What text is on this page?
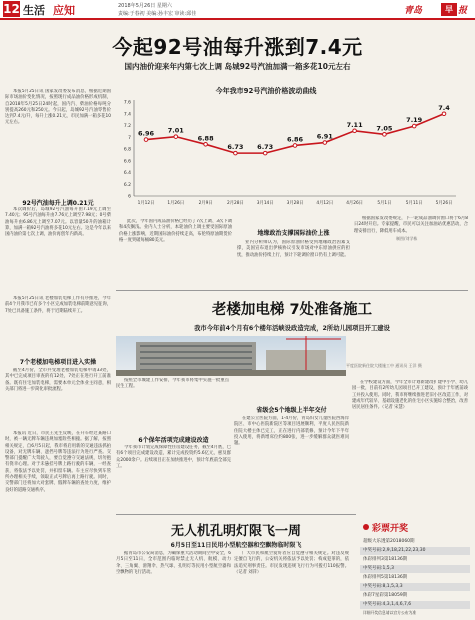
12 生活 应知	2018年5月26日 星期六
责编:于春初 美编:孙丰宏 审读:邱佳	青岛	早 报
今起92号油每升涨到7.4元
国内油价迎来年内第七次上调 岛城92号汽油加满一箱多花10元左右

本报5月25日讯 国家发改委发布消息，根据近期国际市场油价变化情况，按照现行成品油价格形成机制，自2018年5月25日24时起，国内汽、柴油价格每吨分别提高260元和250元。今日起，岛城92号汽油零售价达到7.4元/升，每升上涨0.21元，市民加满一箱多花10元左右。

92号汽油每升上调0.21元

本次调价后，岛城92号汽油每升由7.19元上调至7.40元；95号汽油每升由7.76元上调至7.98元；0号柴油每升由6.86元上调至7.07元。以容量50升的油箱计算，加满一箱92号汽油将多花10元左右。这是今年以来国内油价第七次上调，油价再创年内新高。

今年我市92号汽油价格波动曲线
7.6
7.4
7.2
7
6.8
6.6
6.4
6.2
6
6.96
1月12日
7.01
1月26日
6.88
2月9日
6.73
2月28日
6.73
3月14日
6.86
3月28日
6.91
4月12日
7.11
4月26日
7.05
5月1日
7.19
5月11日
7.4
5月26日
制图/刘学栋

此次，今年国内成品油价格已经历了7次上调、3次下调和4次搁浅。业内人士分析，本轮油价上调主要受国际原油价格上涨影响，近期国际油价持续走高，布伦特原油期货价格一度突破每桶80美元。

地缘政治支撑国际油价上涨

业内分析师认为，国际原油价格受到地缘政治因素支撑，美国宣布退出伊核协议引发市场对中东原油供应的担忧，推动油价持续上行，预计下轮调价窗口仍有上调可能。

根据国家发改委规定，下一轮成品油调价窗口将于6月8日24时开启。专家提醒，市民可以关注加油站优惠活动，合理安排出行，降低用车成本。

老楼加电梯 7处准备施工
我市今年前4个月有6个楼年活峡设政造完成，2所幼儿园项目开工建设

本报5月25日讯 老楼加装电梯工作有序推进，今年前4个月我市已有多个小区完成加装电梯前期意见征询，7处已具备施工条件，将于近期陆续开工。

7个老楼加电梯项目进入实操

截至4月份，全市共受理老楼加装电梯申请33处，其中已完成项目审查的有12处，7处正在进行开工前准备。既有住宅加装电梯，需要本单元全体业主同意，相关部门将进一步简化审批流程。

按照全市城建工作安排，今年我市将集中实施一批重点民生工程。

平度医院新住院大楼施工中 通讯员 王洋 摄
6个保年活项完成建设改造

今年我市计划完成保障性住房建设任务，截至4月底，已有6个项目完成建设改造，累计完成投资约5.6亿元，惠及群众2000余户。后续项目正在加快推进中，预计年底前全部完工。

省级会5个地级上半年交付

在建公立医院方面，1-4月份，青岛妇女儿童医院西海岸院区、市中心医院新院区等项目进展顺利，平度人民医院新住院大楼主体已完工，正在进行内部装修，预计今年下半年投入使用，将新增床位约800张，进一步缓解群众就医难问题。

在学校建设方面，今年全市计划新建改扩建中小学、幼儿园一批，目前有2所幼儿园项目已开工建设，预计于年底前竣工并投入使用。同时，我市将继续推进老旧小区改造工作，对建成年代较早、基础设施老化的住宅小区实施综合整治，改善居民居住条件。（记者 宋慧）

本报讯 近日，市民王先生反映，在开车经过某路口时，被一辆无牌车辆违规加塞险些相撞。据了解，按照相关规定，自6月5日起，我市将启用新的交通违法抓拍设备，对无牌车辆、遮挡号牌等违法行为进行严查。交警部门提醒广大驾驶人，要自觉遵守交通法规，切勿抱有侥幸心理。对于未悬挂号牌上路行驶的车辆，一经查获，将依法予以处罚，并扣留车辆。车主应尽快到车管所办理相关手续，领取正式号牌后再上路行驶。同时，交警部门还将加大对套牌、假牌车辆的查处力度，维护良好的道路交通秩序。

无人机孔明灯限飞一周
6月5日至11日民用小型航空器和空飘物临时限飞

据青岛市公安局消息，为确保重大活动期间空中安全，6月5日至11日，全市范围内临时禁止无人机、航模、动力伞、三角翼、滑翔伞、热气球、孔明灯等民用小型航空器和空飘物的飞行活动。

广大市民和航空爱好者应自觉遵守相关规定。对违反规定擅自飞行的，公安机关将依法予以处罚；构成犯罪的，依法追究刑事责任。市民发现违规飞行行为可拨打110报警。（记者 刘萍）

彩票开奖
超级大乐透第2018060期
中奖号码:2,9,18,21,22,23,30
体彩排列3第18136期
中奖号码:1,5,3
体彩排列5第18136期
中奖号码:8,1,5,3,3
体彩7星彩第18059期
中奖号码:4,3,1,4,6,7,6
详细开奖信息请以官方公布为准
